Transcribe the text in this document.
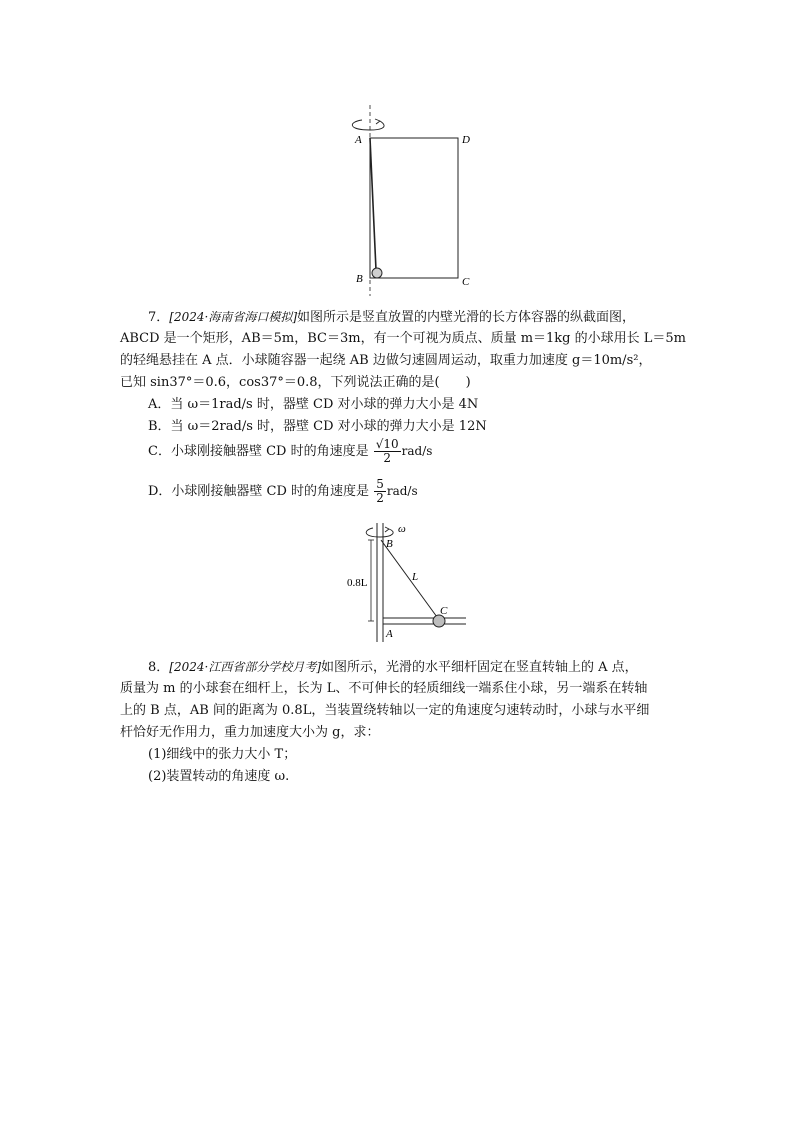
A	D
B	C
7．[2024·海南省海口模拟]如图所示是竖直放置的内壁光滑的长方体容器的纵截面图，
ABCD 是一个矩形，AB＝5m，BC＝3m，有一个可视为质点、质量 m＝1kg 的小球用长 L＝5m
的轻绳悬挂在 A 点．小球随容器一起绕 AB 边做匀速圆周运动，取重力加速度 g＝10m/s²，
已知 sin37°＝0.6，cos37°＝0.8，下列说法正确的是(　　)
A．当 ω＝1rad/s 时，器壁 CD 对小球的弹力大小是 4N
B．当 ω＝2rad/s 时，器壁 CD 对小球的弹力大小是 12N
C．小球刚接触器壁 CD 时的角速度是 $\frac{√10}{2} rad/s$
D．小球刚接触器壁 CD 时的角速度是 $\frac{5}{2} rad/s$
ω
B
L
C
A
0.8L
8．[2024·江西省部分学校月考]如图所示，光滑的水平细杆固定在竖直转轴上的 A 点，
质量为 m 的小球套在细杆上，长为 L、不可伸长的轻质细线一端系住小球，另一端系在转轴
上的 B 点，AB 间的距离为 0.8L，当装置绕转轴以一定的角速度匀速转动时，小球与水平细
杆恰好无作用力，重力加速度大小为 g，求：
(1)细线中的张力大小 T；
(2)装置转动的角速度 ω.
